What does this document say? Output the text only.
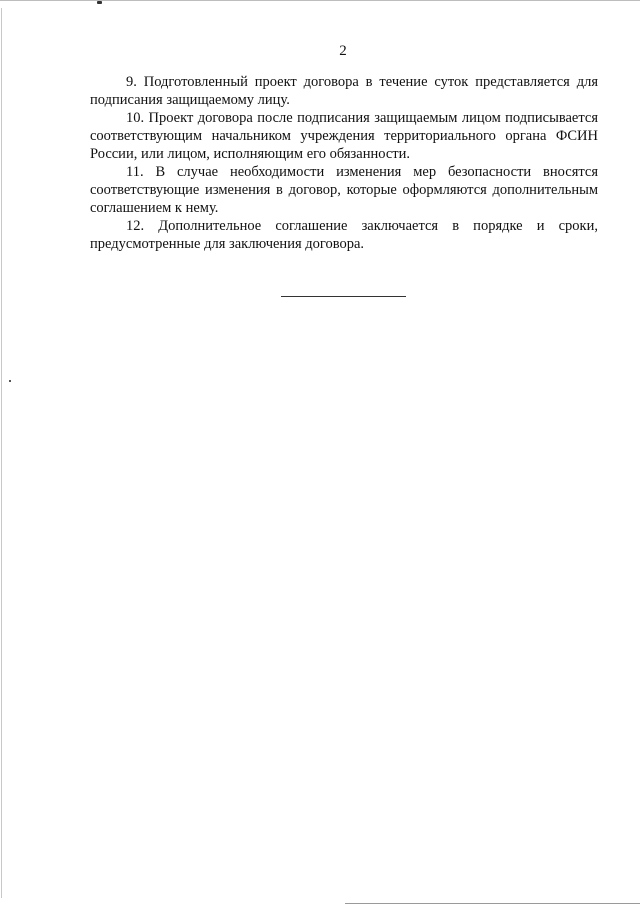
2

9. Подготовленный проект договора в течение суток представляется для подписания защищаемому лицу.

10. Проект договора после подписания защищаемым лицом подписывается соответствующим начальником учреждения территориального органа ФСИН России, или лицом, исполняющим его обязанности.

11. В случае необходимости изменения мер безопасности вносятся соответствующие изменения в договор, которые оформляются дополнительным соглашением к нему.

12. Дополнительное соглашение заключается в порядке и сроки, предусмотренные для заключения договора.
